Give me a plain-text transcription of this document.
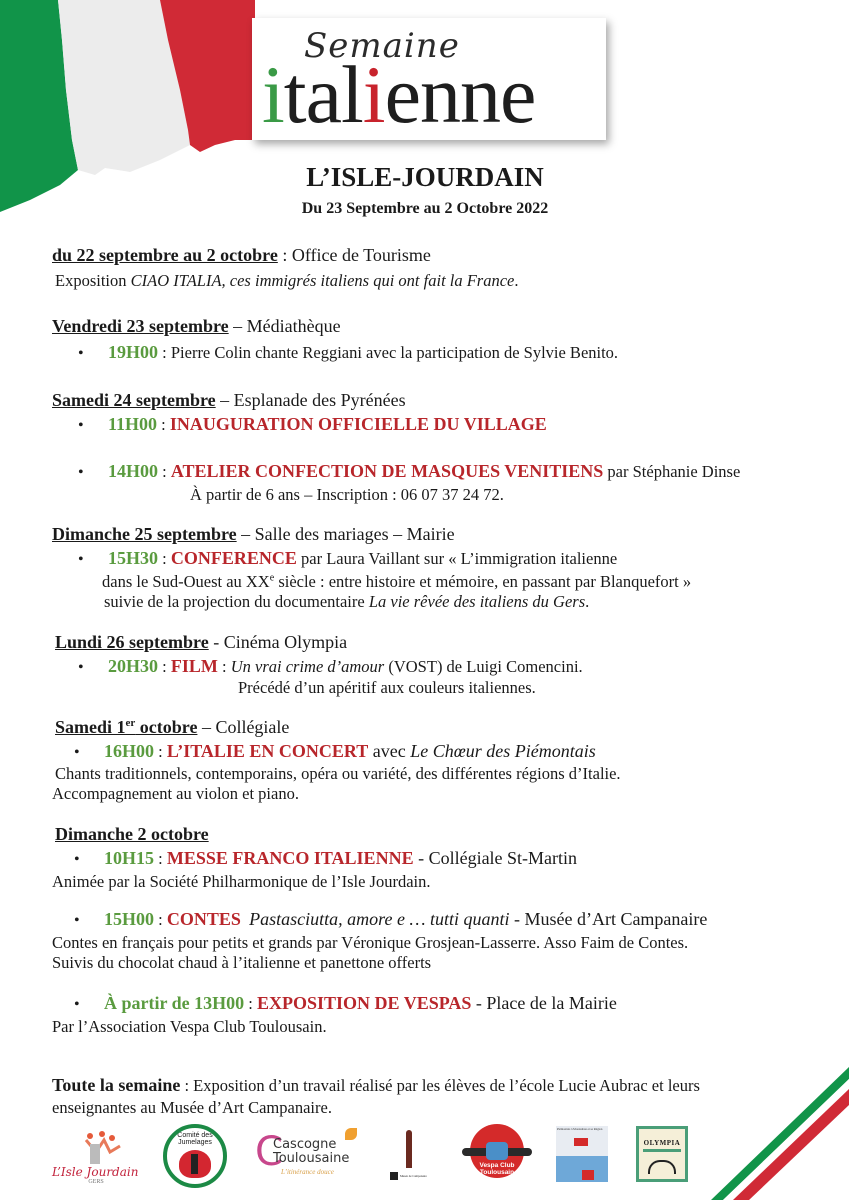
Semaine
italienne
L’ISLE-JOURDAIN
Du 23 Septembre au 2 Octobre 2022
du 22 septembre au 2 octobre : Office de Tourisme
Exposition CIAO ITALIA, ces immigrés italiens qui ont fait la France.
Vendredi 23 septembre – Médiathèque
• 19H00 : Pierre Colin chante Reggiani avec la participation de Sylvie Benito.
Samedi 24 septembre – Esplanade des Pyrénées
• 11H00 : INAUGURATION OFFICIELLE DU VILLAGE
• 14H00 : ATELIER CONFECTION DE MASQUES VENITIENS par Stéphanie Dinse
À partir de 6 ans – Inscription : 06 07 37 24 72.
Dimanche 25 septembre – Salle des mariages – Mairie
• 15H30 : CONFERENCE par Laura Vaillant sur « L’immigration italienne
dans le Sud-Ouest au XXe siècle : entre histoire et mémoire, en passant par Blanquefort »
suivie de la projection du documentaire La vie rêvée des italiens du Gers.
Lundi 26 septembre - Cinéma Olympia
• 20H30 : FILM : Un vrai crime d’amour (VOST) de Luigi Comencini.
Précédé d’un apéritif aux couleurs italiennes.
Samedi 1er octobre – Collégiale
• 16H00 : L’ITALIE EN CONCERT avec Le Chœur des Piémontais
Chants traditionnels, contemporains, opéra ou variété, des différentes régions d’Italie.
Accompagnement au violon et piano.
Dimanche 2 octobre
• 10H15 : MESSE FRANCO ITALIENNE - Collégiale St-Martin
Animée par la Société Philharmonique de l’Isle Jourdain.
• 15H00 : CONTES Pastasciutta, amore e … tutti quanti - Musée d’Art Campanaire
Contes en français pour petits et grands par Véronique Grosjean-Lasserre. Asso Faim de Contes.
Suivis du chocolat chaud à l’italienne et panettone offerts
• À partir de 13H00 : EXPOSITION DE VESPAS - Place de la Mairie
Par l’Association Vespa Club Toulousain.
Toute la semaine : Exposition d’un travail réalisé par les élèves de l’école Lucie Aubrac et leurs
enseignantes au Musée d’Art Campanaire.
L’Isle Jourdain
GERS
Comité des Jumelages C
Cascogne Toulousaine
L’itinérance douce	Musée de Campanaire
Vespa Club Toulousain
Piémontais à Montauban et sa Région
OLYMPIA
